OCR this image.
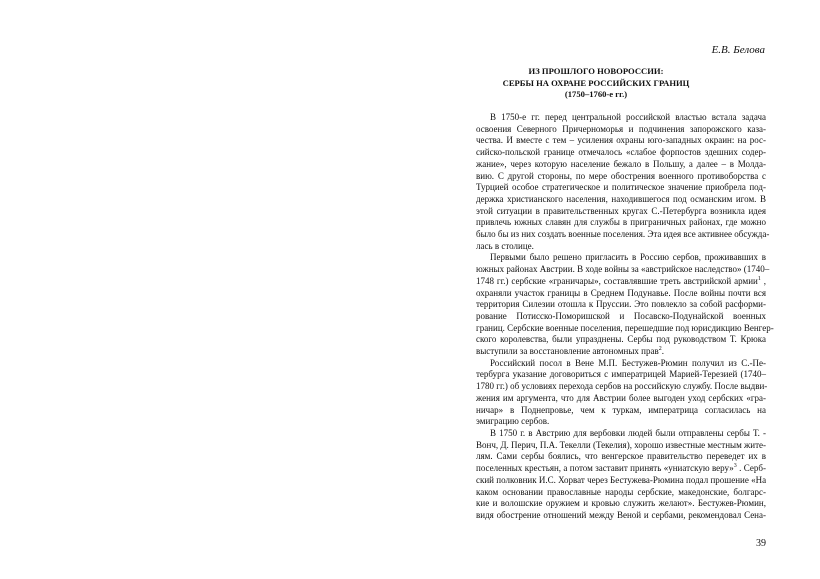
Е.В. Белова
ИЗ ПРОШЛОГО НОВОРОССИИ:
СЕРБЫ НА ОХРАНЕ РОССИЙСКИХ ГРАНИЦ
(1750–1760-е гг.)
В 1750-е гг. перед центральной российской властью встала задача
освоения Северного Причерноморья и подчинения запорожского каза-
чества. И вместе с тем – усиления охраны юго-западных окраин: на рос-
сийско-польской границе отмечалось «слабое форпостов здешних содер-
жание», через которую население бежало в Польшу, а далее – в Молда-
вию. С другой стороны, по мере обострения военного противоборства с
Турцией особое стратегическое и политическое значение приобрела под-
держка христианского населения, находившегося под османским игом. В
этой ситуации в правительственных кругах С.-Петербурга возникла идея
привлечь южных славян для службы в приграничных районах, где можно
было бы из них создать военные поселения. Эта идея все активнее обсужда-
лась в столице.
Первыми было решено пригласить в Россию сербов, проживавших в
южных районах Австрии. В ходе войны за «австрийское наследство» (1740–
1748 гг.) сербские «граничары», составлявшие треть австрийской армии$^1$ ,
охраняли участок границы в Среднем Подунавье. После войны почти вся
территория Силезии отошла к Пруссии. Это повлекло за собой расформи-
рование Потисско-Поморишской и Посавско-Подунайской военных
границ. Сербские военные поселения, перешедшие под юрисдикцию Венгер-
ского королевства, были упразднены. Сербы под руководством Т. Крюка
выступили за восстановление автономных прав$^2$.
Российский посол в Вене М.П. Бестужев-Рюмин получил из С.-Пе-
тербурга указание договориться с императрицей Марией-Терезией (1740–
1780 гг.) об условиях перехода сербов на российскую службу. После выдви-
жения им аргумента, что для Австрии более выгоден уход сербских «гра-
ничар» в Поднепровье, чем к туркам, императрица согласилась на
эмиграцию сербов.
В 1750 г. в Австрию для вербовки людей были отправлены сербы Т. -
Вонч, Д. Перич, П.А. Текелли (Текелия), хорошо известные местным жите-
лям. Сами сербы боялись, что венгерское правительство переведет их в
поселенных крестьян, а потом заставит принять «униатскую веру»$^3$ . Серб-
ский полковник И.С. Хорват через Бестужева-Рюмина подал прошение «На
каком основании православные народы сербские, македонские, болгарс-
кие и волошские оружием и кровью служить желают». Бестужев-Рюмин,
видя обострение отношений между Веной и сербами, рекомендовал Сена-
39
